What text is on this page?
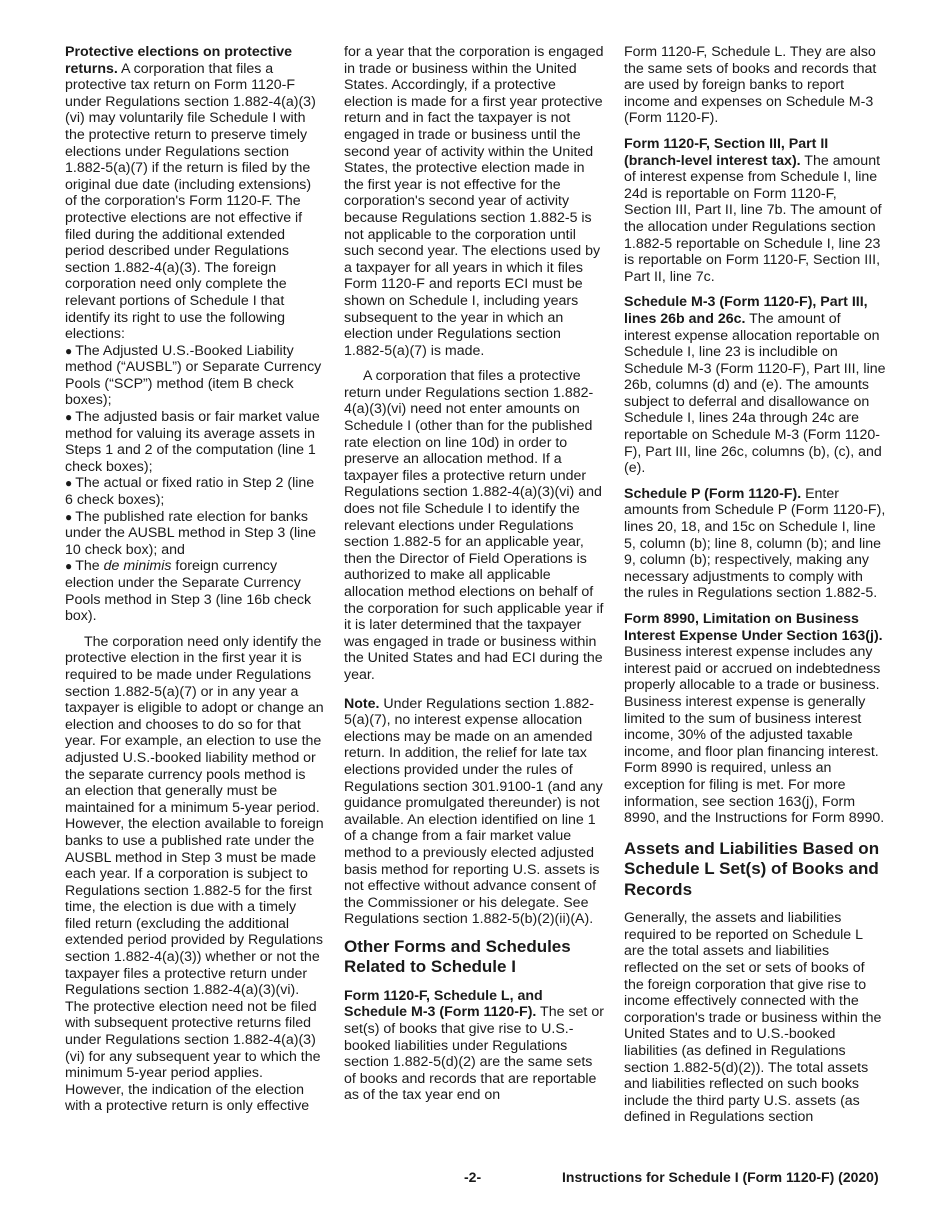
Protective elections on protective returns. A corporation that files a protective tax return on Form 1120-F under Regulations section 1.882-4(a)(3)(vi) may voluntarily file Schedule I with the protective return to preserve timely elections under Regulations section 1.882-5(a)(7) if the return is filed by the original due date (including extensions) of the corporation's Form 1120-F. The protective elections are not effective if filed during the additional extended period described under Regulations section 1.882-4(a)(3). The foreign corporation need only complete the relevant portions of Schedule I that identify its right to use the following elections:

● The Adjusted U.S.-Booked Liability method (“AUSBL”) or Separate Currency Pools (“SCP”) method (item B check boxes);
● The adjusted basis or fair market value method for valuing its average assets in Steps 1 and 2 of the computation (line 1 check boxes);
● The actual or fixed ratio in Step 2 (line 6 check boxes);
● The published rate election for banks under the AUSBL method in Step 3 (line 10 check box); and
● The de minimis foreign currency election under the Separate Currency Pools method in Step 3 (line 16b check box).

The corporation need only identify the protective election in the first year it is required to be made under Regulations section 1.882-5(a)(7) or in any year a taxpayer is eligible to adopt or change an election and chooses to do so for that year. For example, an election to use the adjusted U.S.-booked liability method or the separate currency pools method is an election that generally must be maintained for a minimum 5-year period. However, the election available to foreign banks to use a published rate under the AUSBL method in Step 3 must be made each year. If a corporation is subject to Regulations section 1.882-5 for the first time, the election is due with a timely filed return (excluding the additional extended period provided by Regulations section 1.882-4(a)(3)) whether or not the taxpayer files a protective return under Regulations section 1.882-4(a)(3)(vi). The protective election need not be filed with subsequent protective returns filed under Regulations section 1.882-4(a)(3)(vi) for any subsequent year to which the minimum 5-year period applies. However, the indication of the election with a protective return is only effective

for a year that the corporation is engaged in trade or business within the United States. Accordingly, if a protective election is made for a first year protective return and in fact the taxpayer is not engaged in trade or business until the second year of activity within the United States, the protective election made in the first year is not effective for the corporation's second year of activity because Regulations section 1.882-5 is not applicable to the corporation until such second year. The elections used by a taxpayer for all years in which it files Form 1120-F and reports ECI must be shown on Schedule I, including years subsequent to the year in which an election under Regulations section 1.882-5(a)(7) is made.

A corporation that files a protective return under Regulations section 1.882-4(a)(3)(vi) need not enter amounts on Schedule I (other than for the published rate election on line 10d) in order to preserve an allocation method. If a taxpayer files a protective return under Regulations section 1.882-4(a)(3)(vi) and does not file Schedule I to identify the relevant elections under Regulations section 1.882-5 for an applicable year, then the Director of Field Operations is authorized to make all applicable allocation method elections on behalf of the corporation for such applicable year if it is later determined that the taxpayer was engaged in trade or business within the United States and had ECI during the year.

Note. Under Regulations section 1.882-5(a)(7), no interest expense allocation elections may be made on an amended return. In addition, the relief for late tax elections provided under the rules of Regulations section 301.9100-1 (and any guidance promulgated thereunder) is not available. An election identified on line 1 of a change from a fair market value method to a previously elected adjusted basis method for reporting U.S. assets is not effective without advance consent of the Commissioner or his delegate. See Regulations section 1.882-5(b)(2)(ii)(A).

Other Forms and Schedules Related to Schedule I

Form 1120-F, Schedule L, and Schedule M-3 (Form 1120-F). The set or set(s) of books that give rise to U.S.-booked liabilities under Regulations section 1.882-5(d)(2) are the same sets of books and records that are reportable as of the tax year end on

Form 1120-F, Schedule L. They are also the same sets of books and records that are used by foreign banks to report income and expenses on Schedule M-3 (Form 1120-F).

Form 1120-F, Section III, Part II (branch-level interest tax). The amount of interest expense from Schedule I, line 24d is reportable on Form 1120-F, Section III, Part II, line 7b. The amount of the allocation under Regulations section 1.882-5 reportable on Schedule I, line 23 is reportable on Form 1120-F, Section III, Part II, line 7c.

Schedule M-3 (Form 1120-F), Part III, lines 26b and 26c. The amount of interest expense allocation reportable on Schedule I, line 23 is includible on Schedule M-3 (Form 1120-F), Part III, line 26b, columns (d) and (e). The amounts subject to deferral and disallowance on Schedule I, lines 24a through 24c are reportable on Schedule M-3 (Form 1120-F), Part III, line 26c, columns (b), (c), and (e).

Schedule P (Form 1120-F). Enter amounts from Schedule P (Form 1120-F), lines 20, 18, and 15c on Schedule I, line 5, column (b); line 8, column (b); and line 9, column (b); respectively, making any necessary adjustments to comply with the rules in Regulations section 1.882-5.

Form 8990, Limitation on Business Interest Expense Under Section 163(j). Business interest expense includes any interest paid or accrued on indebtedness properly allocable to a trade or business. Business interest expense is generally limited to the sum of business interest income, 30% of the adjusted taxable income, and floor plan financing interest. Form 8990 is required, unless an exception for filing is met. For more information, see section 163(j), Form 8990, and the Instructions for Form 8990.

Assets and Liabilities Based on Schedule L Set(s) of Books and Records

Generally, the assets and liabilities required to be reported on Schedule L are the total assets and liabilities reflected on the set or sets of books of the foreign corporation that give rise to income effectively connected with the corporation's trade or business within the United States and to U.S.-booked liabilities (as defined in Regulations section 1.882-5(d)(2)). The total assets and liabilities reflected on such books include the third party U.S. assets (as defined in Regulations section

-2-	Instructions for Schedule I (Form 1120-F) (2020)
